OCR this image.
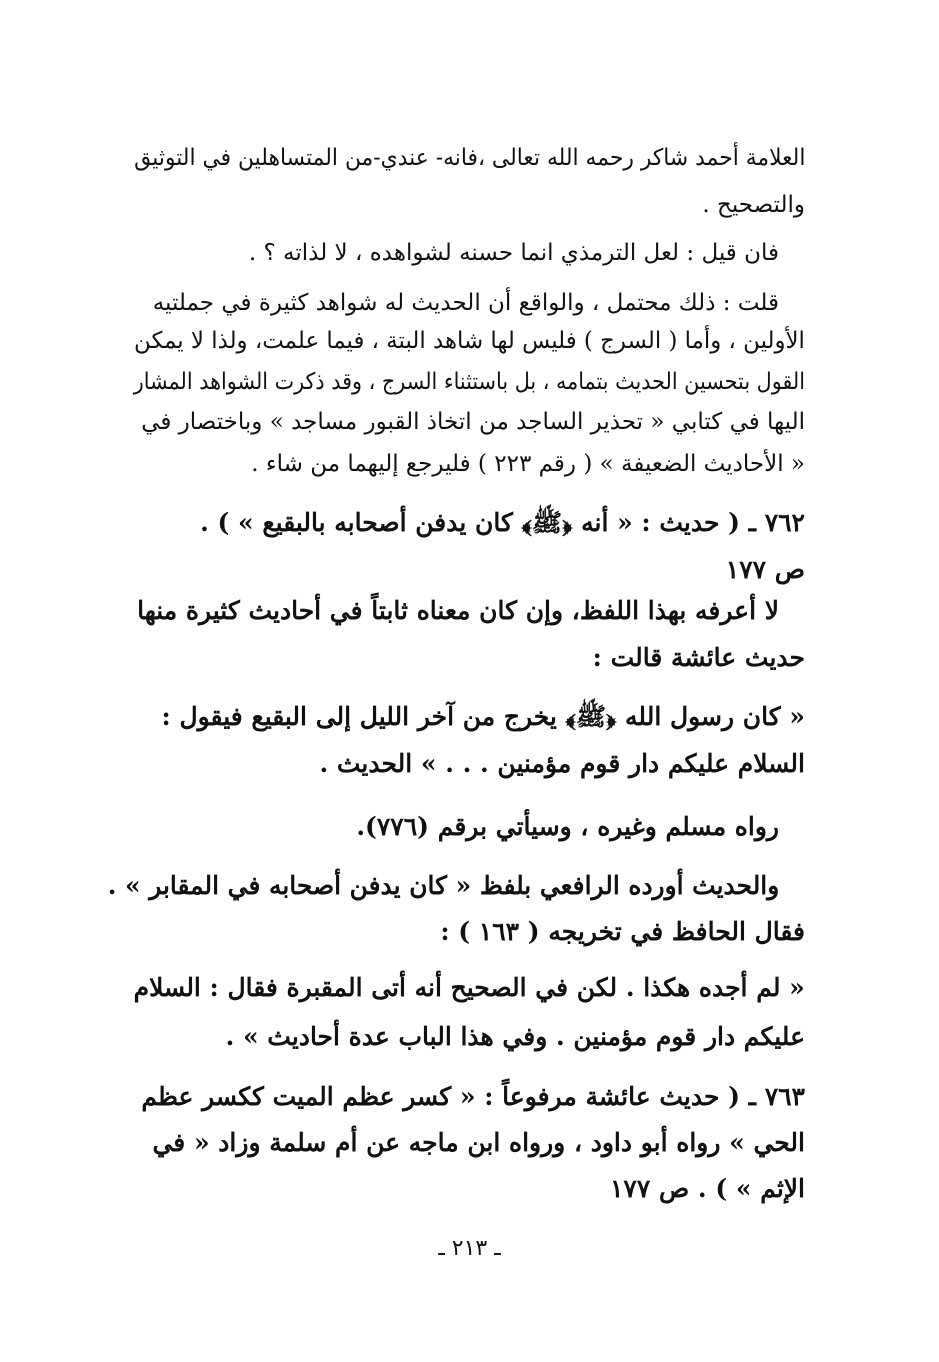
العلامة أحمد شاكر رحمه الله تعالى ،فانه- عندي-من المتساهلين في التوثيق
والتصحيح .
فان قيل : لعل الترمذي انما حسنه لشواهده ، لا لذاته ؟ .
قلت : ذلك محتمل ، والواقع أن الحديث له شواهد كثيرة في جملتيه
الأولين ، وأما ( السرج ) فليس لها شاهد البتة ، فيما علمت، ولذا لا يمكن
القول بتحسين الحديث بتمامه ، بل باستثناء السرج ، وقد ذكرت الشواهد المشار
اليها في كتابي « تحذير الساجد من اتخاذ القبور مساجد » وباختصار في
« الأحاديث الضعيفة » ( رقم ٢٢٣ ) فليرجع إليهما من شاء .
٧٦٢ ـ ( حديث : « أنه ﴿ﷺ﴾ كان يدفن أصحابه بالبقيع » ) .
ص ١٧٧
لا أعرفه بهذا اللفظ، وإن كان معناه ثابتاً في أحاديث كثيرة منها
حديث عائشة قالت :
« كان رسول الله ﴿ﷺ﴾ يخرج من آخر الليل إلى البقيع فيقول :
السلام عليكم دار قوم مؤمنين . . . » الحديث .
رواه مسلم وغيره ، وسيأتي برقم (٧٧٦).
والحديث أورده الرافعي بلفظ « كان يدفن أصحابه في المقابر » .
فقال الحافظ في تخريجه ( ١٦٣ ) :
« لم أجده هكذا . لكن في الصحيح أنه أتى المقبرة فقال : السلام
عليكم دار قوم مؤمنين . وفي هذا الباب عدة أحاديث » .
٧٦٣ ـ ( حديث عائشة مرفوعاً : « كسر عظم الميت ككسر عظم
الحي » رواه أبو داود ، ورواه ابن ماجه عن أم سلمة وزاد « في
الإثم » ) . ص ١٧٧
ـ ٢١٣ ـ
